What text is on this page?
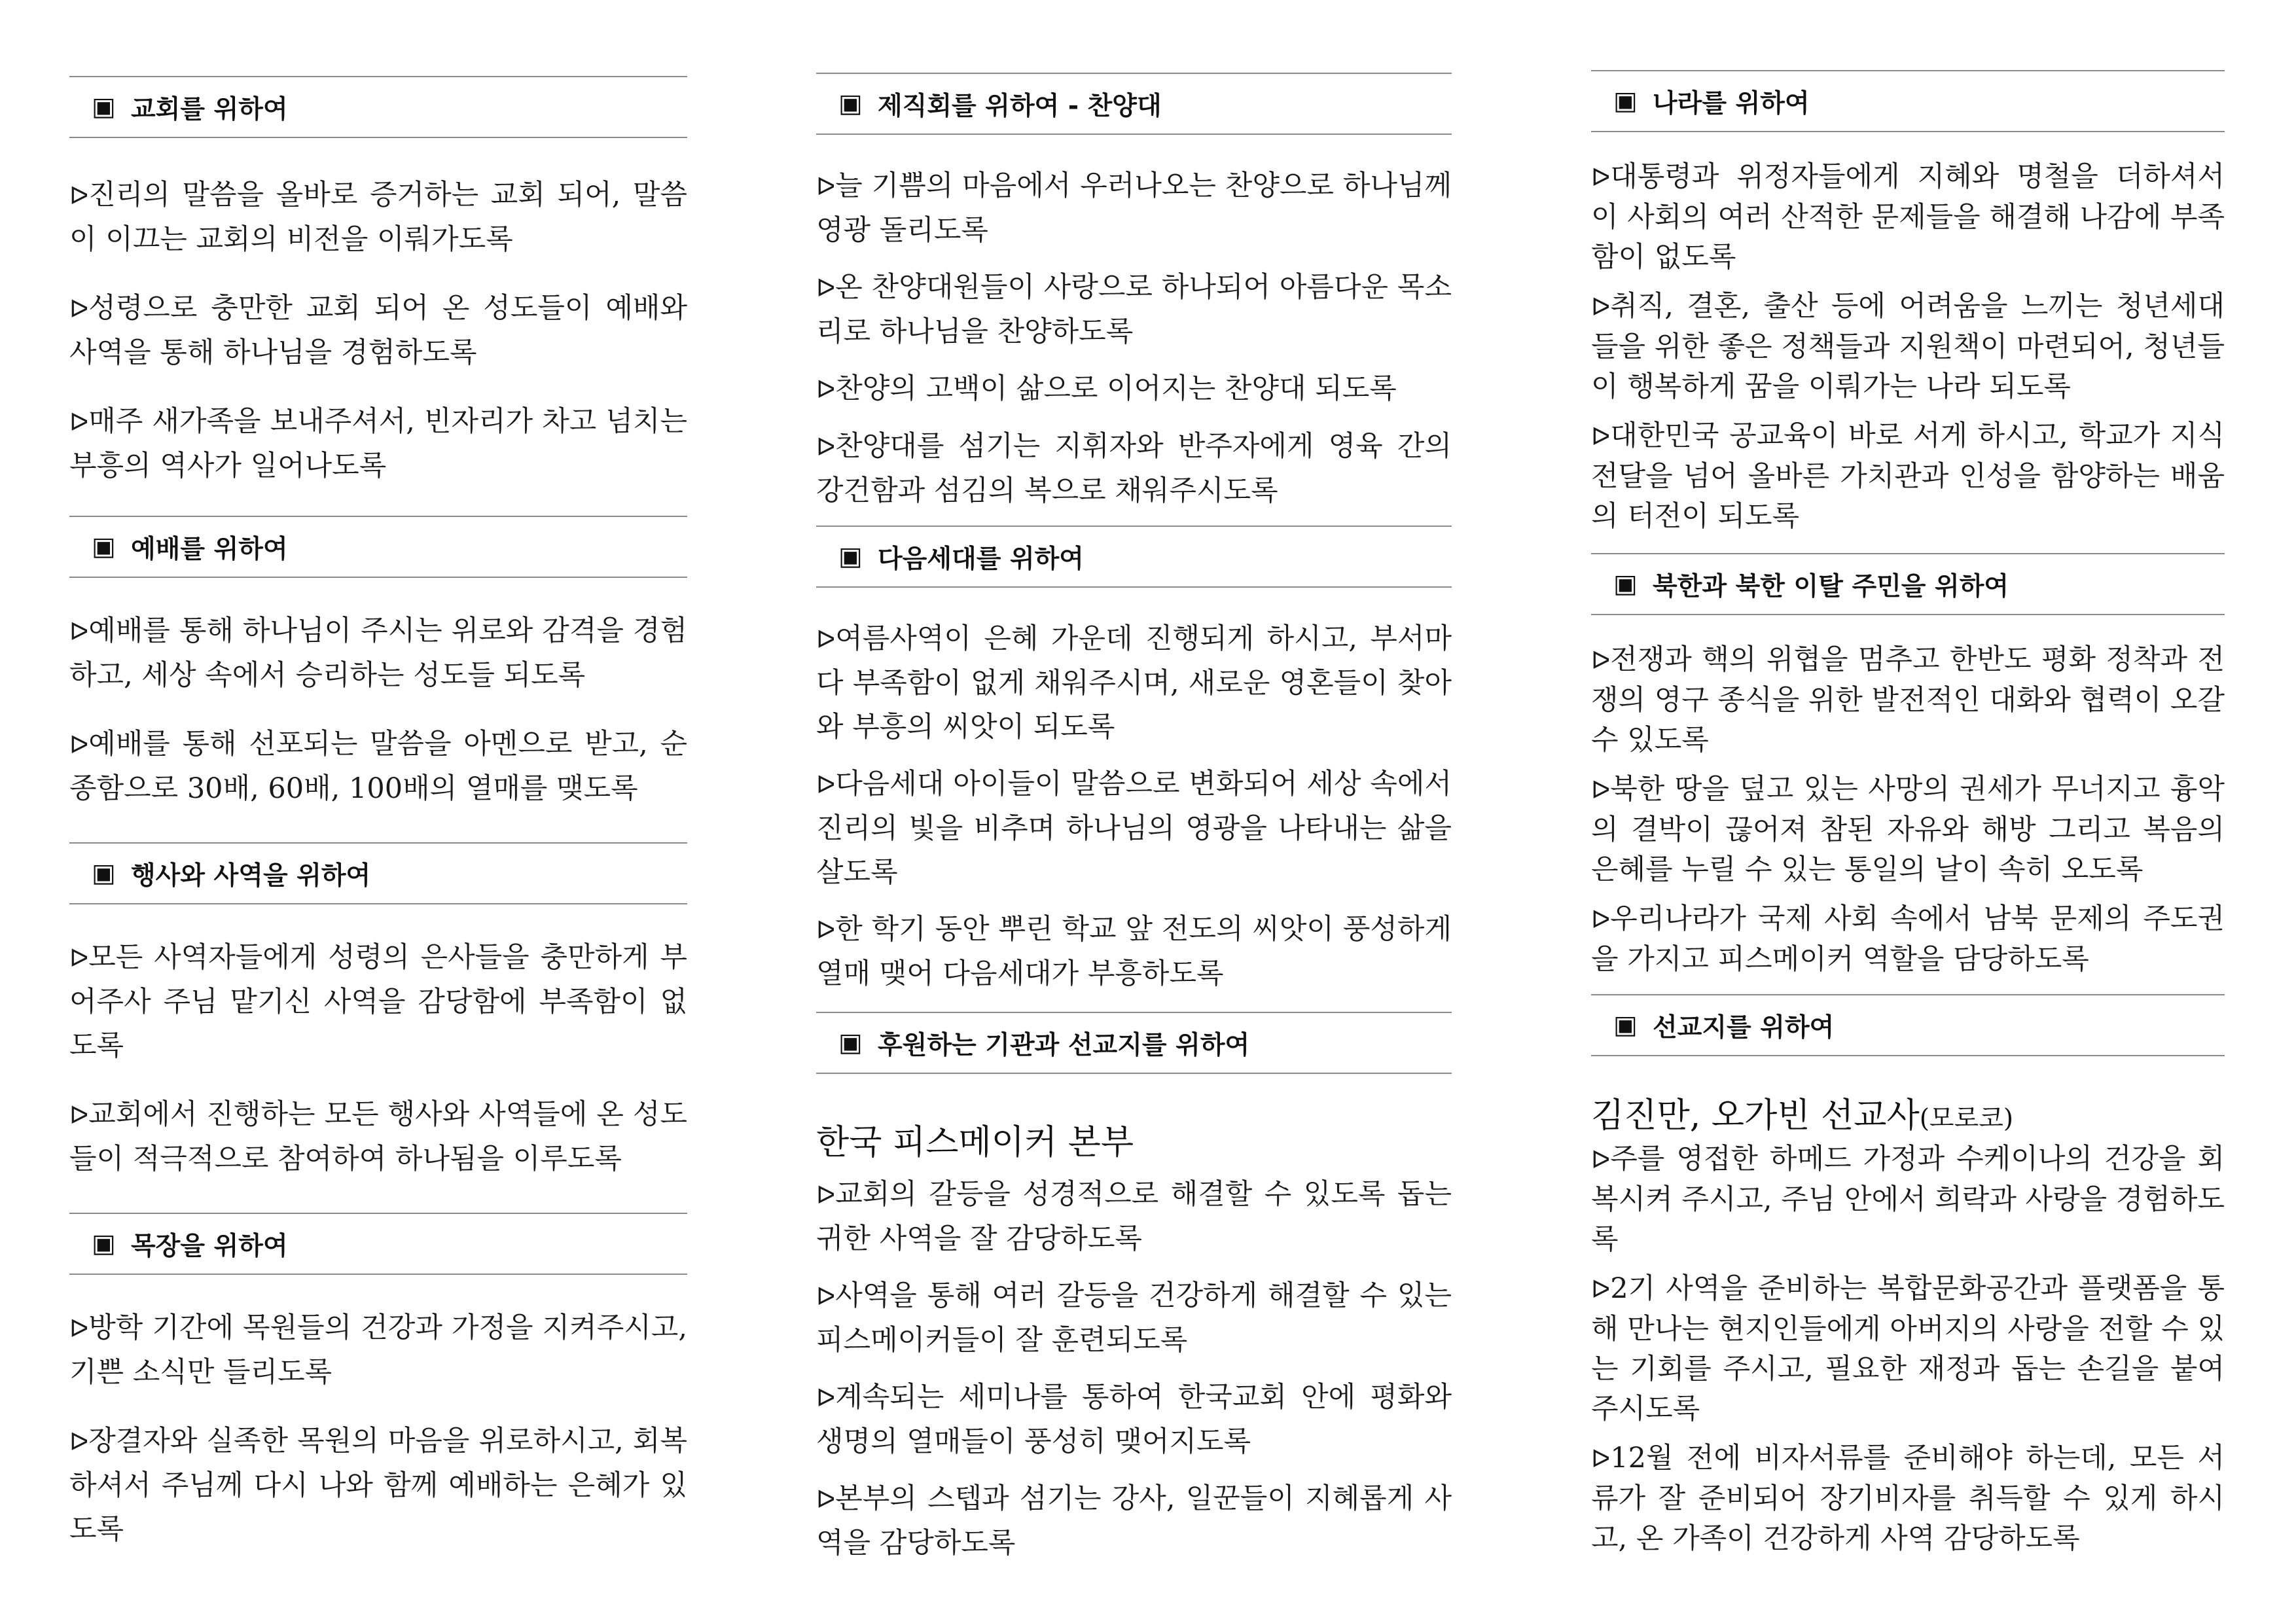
▣ 교회를 위하여
ᐅ진리의 말씀을 올바로 증거하는 교회 되어, 말씀이 이끄는 교회의 비전을 이뤄가도록
ᐅ성령으로 충만한 교회 되어 온 성도들이 예배와 사역을 통해 하나님을 경험하도록
ᐅ매주 새가족을 보내주셔서, 빈자리가 차고 넘치는 부흥의 역사가 일어나도록
▣ 예배를 위하여
ᐅ예배를 통해 하나님이 주시는 위로와 감격을 경험하고, 세상 속에서 승리하는 성도들 되도록
ᐅ예배를 통해 선포되는 말씀을 아멘으로 받고, 순종함으로 30배, 60배, 100배의 열매를 맺도록
▣ 행사와 사역을 위하여
ᐅ모든 사역자들에게 성령의 은사들을 충만하게 부어주사 주님 맡기신 사역을 감당함에 부족함이 없도록
ᐅ교회에서 진행하는 모든 행사와 사역들에 온 성도들이 적극적으로 참여하여 하나됨을 이루도록
▣ 목장을 위하여
ᐅ방학 기간에 목원들의 건강과 가정을 지켜주시고, 기쁜 소식만 들리도록
ᐅ장결자와 실족한 목원의 마음을 위로하시고, 회복하셔서 주님께 다시 나와 함께 예배하는 은혜가 있도록
▣ 제직회를 위하여 - 찬양대
ᐅ늘 기쁨의 마음에서 우러나오는 찬양으로 하나님께 영광 돌리도록
ᐅ온 찬양대원들이 사랑으로 하나되어 아름다운 목소리로 하나님을 찬양하도록
ᐅ찬양의 고백이 삶으로 이어지는 찬양대 되도록
ᐅ찬양대를 섬기는 지휘자와 반주자에게 영육 간의 강건함과 섬김의 복으로 채워주시도록
▣ 다음세대를 위하여
ᐅ여름사역이 은혜 가운데 진행되게 하시고, 부서마다 부족함이 없게 채워주시며, 새로운 영혼들이 찾아와 부흥의 씨앗이 되도록
ᐅ다음세대 아이들이 말씀으로 변화되어 세상 속에서 진리의 빛을 비추며 하나님의 영광을 나타내는 삶을 살도록
ᐅ한 학기 동안 뿌린 학교 앞 전도의 씨앗이 풍성하게 열매 맺어 다음세대가 부흥하도록
▣ 후원하는 기관과 선교지를 위하여
한국 피스메이커 본부
ᐅ교회의 갈등을 성경적으로 해결할 수 있도록 돕는 귀한 사역을 잘 감당하도록
ᐅ사역을 통해 여러 갈등을 건강하게 해결할 수 있는 피스메이커들이 잘 훈련되도록
ᐅ계속되는 세미나를 통하여 한국교회 안에 평화와 생명의 열매들이 풍성히 맺어지도록
ᐅ본부의 스텝과 섬기는 강사, 일꾼들이 지혜롭게 사역을 감당하도록
▣ 나라를 위하여
ᐅ대통령과 위정자들에게 지혜와 명철을 더하셔서 이 사회의 여러 산적한 문제들을 해결해 나감에 부족함이 없도록
ᐅ취직, 결혼, 출산 등에 어려움을 느끼는 청년세대들을 위한 좋은 정책들과 지원책이 마련되어, 청년들이 행복하게 꿈을 이뤄가는 나라 되도록
ᐅ대한민국 공교육이 바로 서게 하시고, 학교가 지식 전달을 넘어 올바른 가치관과 인성을 함양하는 배움의 터전이 되도록
▣ 북한과 북한 이탈 주민을 위하여
ᐅ전쟁과 핵의 위협을 멈추고 한반도 평화 정착과 전쟁의 영구 종식을 위한 발전적인 대화와 협력이 오갈 수 있도록
ᐅ북한 땅을 덮고 있는 사망의 권세가 무너지고 흉악의 결박이 끊어져 참된 자유와 해방 그리고 복음의 은혜를 누릴 수 있는 통일의 날이 속히 오도록
ᐅ우리나라가 국제 사회 속에서 남북 문제의 주도권을 가지고 피스메이커 역할을 담당하도록
▣ 선교지를 위하여
김진만, 오가빈 선교사(모로코)
ᐅ주를 영접한 하메드 가정과 수케이나의 건강을 회복시켜 주시고, 주님 안에서 희락과 사랑을 경험하도록
ᐅ2기 사역을 준비하는 복합문화공간과 플랫폼을 통해 만나는 현지인들에게 아버지의 사랑을 전할 수 있는 기회를 주시고, 필요한 재정과 돕는 손길을 붙여주시도록
ᐅ12월 전에 비자서류를 준비해야 하는데, 모든 서류가 잘 준비되어 장기비자를 취득할 수 있게 하시고, 온 가족이 건강하게 사역 감당하도록
